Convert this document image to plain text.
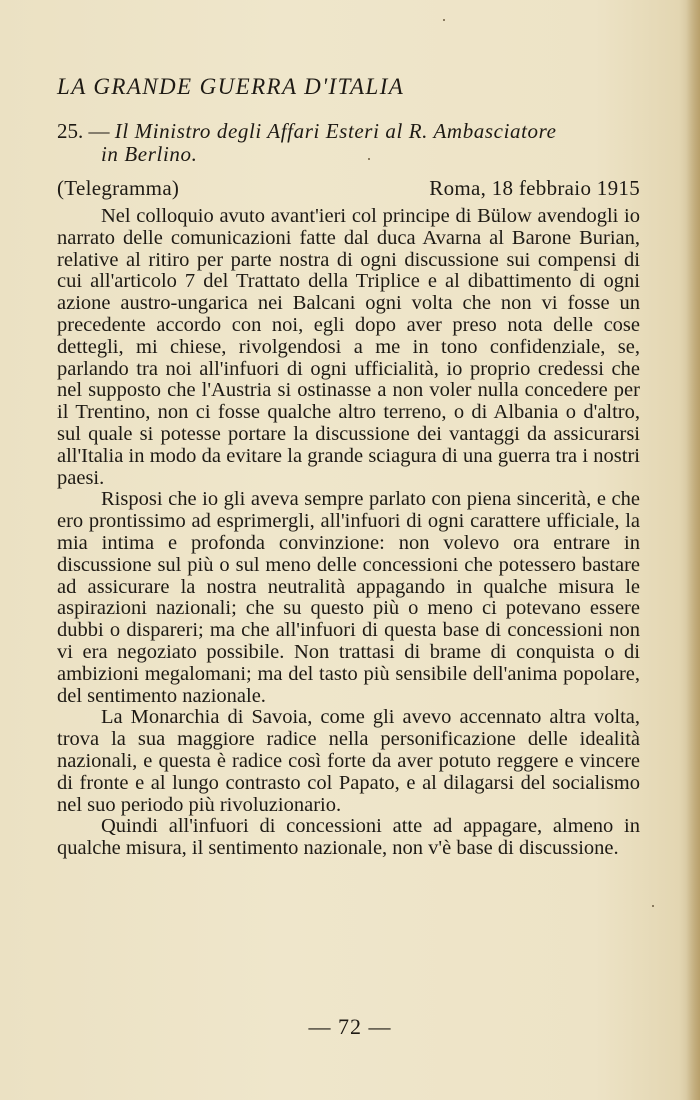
LA GRANDE GUERRA D'ITALIA
25. — Il Ministro degli Affari Esteri al R. Ambasciatore
in Berlino.
(Telegramma)	Roma, 18 febbraio 1915

Nel colloquio avuto avant'ieri col principe di Bülow avendogli io narrato delle comunicazioni fatte dal duca Avarna al Barone Burian, relative al ritiro per parte nostra di ogni discussione sui compensi di cui all'articolo 7 del Trattato della Triplice e al dibattimento di ogni azione austro-ungarica nei Balcani ogni volta che non vi fosse un precedente accordo con noi, egli dopo aver preso nota delle cose dettegli, mi chiese, rivolgendosi a me in tono confidenziale, se, parlando tra noi all'infuori di ogni ufficialità, io proprio credessi che nel supposto che l'Austria si ostinasse a non voler nulla concedere per il Trentino, non ci fosse qualche altro terreno, o di Albania o d'altro, sul quale si potesse portare la discussione dei vantaggi da assicurarsi all'Italia in modo da evitare la grande sciagura di una guerra tra i nostri paesi.

Risposi che io gli aveva sempre parlato con piena sincerità, e che ero prontissimo ad esprimergli, all'infuori di ogni carattere ufficiale, la mia intima e profonda convinzione: non volevo ora entrare in discussione sul più o sul meno delle concessioni che potessero bastare ad assicurare la nostra neutralità appagando in qualche misura le aspirazioni nazionali; che su questo più o meno ci potevano essere dubbi o dispareri; ma che all'infuori di questa base di concessioni non vi era negoziato possibile. Non trattasi di brame di conquista o di ambizioni megalomani; ma del tasto più sensibile dell'anima popolare, del sentimento nazionale.

La Monarchia di Savoia, come gli avevo accennato altra volta, trova la sua maggiore radice nella personificazione delle idealità nazionali, e questa è radice così forte da aver potuto reggere e vincere di fronte e al lungo contrasto col Papato, e al dilagarsi del socialismo nel suo periodo più rivoluzionario.

Quindi all'infuori di concessioni atte ad appagare, almeno in qualche misura, il sentimento nazionale, non v'è base di discussione.

— 72 —
